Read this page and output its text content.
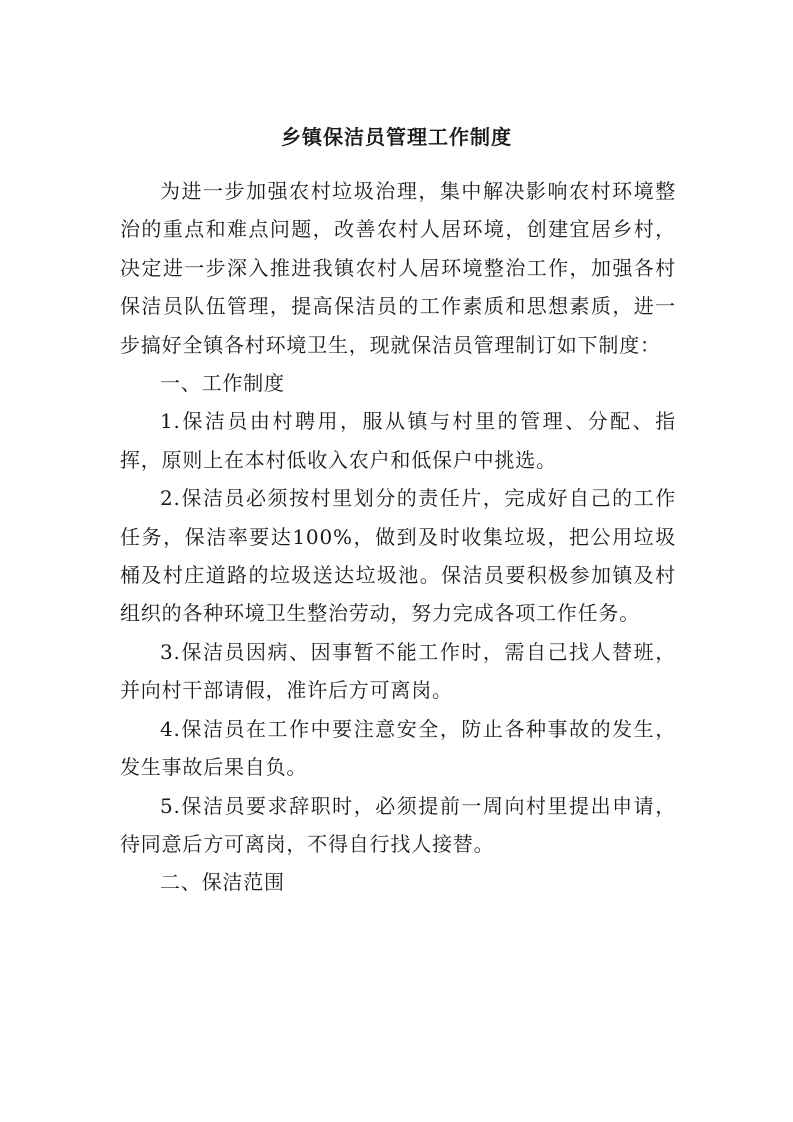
乡镇保洁员管理工作制度

为进一步加强农村垃圾治理，集中解决影响农村环境整治的重点和难点问题，改善农村人居环境，创建宜居乡村，决定进一步深入推进我镇农村人居环境整治工作，加强各村保洁员队伍管理，提高保洁员的工作素质和思想素质，进一步搞好全镇各村环境卫生，现就保洁员管理制订如下制度：

一、工作制度

1.保洁员由村聘用，服从镇与村里的管理、分配、指挥，原则上在本村低收入农户和低保户中挑选。

2.保洁员必须按村里划分的责任片，完成好自己的工作任务，保洁率要达100%，做到及时收集垃圾，把公用垃圾桶及村庄道路的垃圾送达垃圾池。保洁员要积极参加镇及村组织的各种环境卫生整治劳动，努力完成各项工作任务。

3.保洁员因病、因事暂不能工作时，需自己找人替班，并向村干部请假，准许后方可离岗。

4.保洁员在工作中要注意安全，防止各种事故的发生，发生事故后果自负。

5.保洁员要求辞职时，必须提前一周向村里提出申请，待同意后方可离岗，不得自行找人接替。

二、保洁范围
